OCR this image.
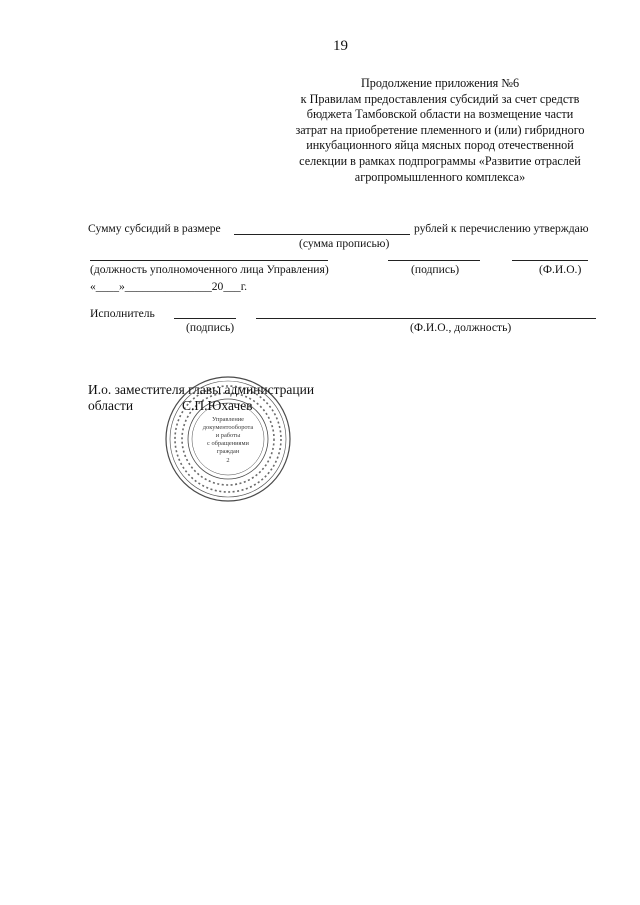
19
Продолжение приложения №6
к Правилам предоставления субсидий за счет средств
бюджета Тамбовской области на возмещение части
затрат на приобретение племенного и (или) гибридного
инкубационного яйца мясных пород отечественной
селекции в рамках подпрограммы «Развитие отраслей
агропромышленного комплекса»
Сумму субсидий в размере	рублей к перечислению утверждаю
(сумма прописью)
(должность уполномоченного лица Управления)	(подпись)	(Ф.И.О.)
«____»_______________20___г.
Исполнитель
(подпись)	(Ф.И.О., должность)
Управление
документооборота
и работы
с обращениями
граждан
2
И.о. заместителя главы администрации
области	С.П.Юхачев
